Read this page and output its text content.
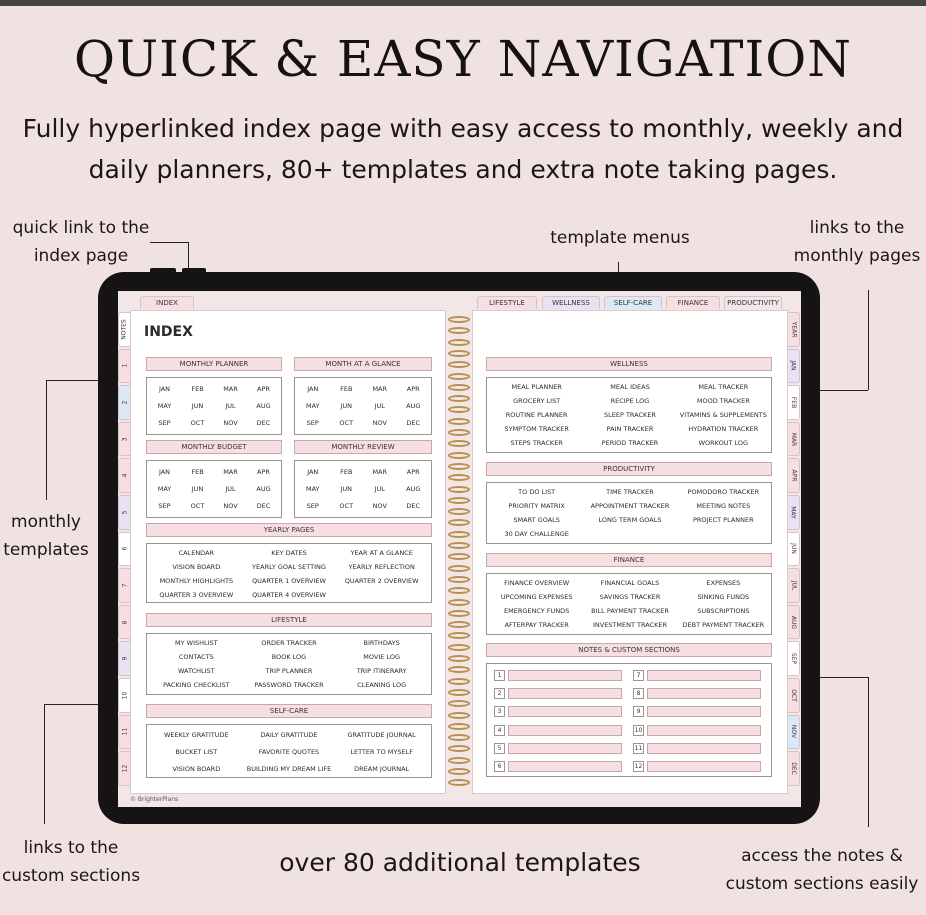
QUICK & EASY NAVIGATION
Fully hyperlinked index page with easy access to monthly, weekly and daily planners, 80+ templates and extra note taking pages.
quick link to the index page
template menus	links to the monthly pages
monthly templates
links to the custom sections
access the notes & custom sections easily
over 80 additional templates
© BrighterPlans
INDEX	LIFESTYLE	WELLNESS	SELF-CARE	FINANCE	PRODUCTIVITY
NOTES
1
2
3
4
5
6
7
8
9
10
11
12
YEAR
JAN
FEB
MAR
APR
MAY
JUN
JUL
AUG
SEP
OCT
NOV
DEC
INDEX
MONTHLY PLANNER	MONTH AT A GLANCE
JAN	FEB	MAR	APR
MAY	JUN	JUL	AUG
SEP	OCT	NOV	DEC
JAN	FEB	MAR	APR
MAY	JUN	JUL	AUG
SEP	OCT	NOV	DEC
MONTHLY BUDGET	MONTHLY REVIEW
JAN	FEB	MAR	APR
MAY	JUN	JUL	AUG
SEP	OCT	NOV	DEC
JAN	FEB	MAR	APR
MAY	JUN	JUL	AUG
SEP	OCT	NOV	DEC
YEARLY PAGES
CALENDAR	KEY DATES	YEAR AT A GLANCE
VISION BOARD	YEARLY GOAL SETTING	YEARLY REFLECTION
MONTHLY HIGHLIGHTS	QUARTER 1 OVERVIEW	QUARTER 2 OVERVIEW
QUARTER 3 OVERVIEW	QUARTER 4 OVERVIEW
LIFESTYLE
MY WISHLIST	ORDER TRACKER	BIRTHDAYS
CONTACTS	BOOK LOG	MOVIE LOG
WATCHLIST	TRIP PLANNER	TRIP ITINERARY
PACKING CHECKLIST	PASSWORD TRACKER	CLEANING LOG
SELF-CARE
WEEKLY GRATITUDE	DAILY GRATITUDE	GRATITUDE JOURNAL
BUCKET LIST	FAVORITE QUOTES	LETTER TO MYSELF
VISION BOARD	BUILDING MY DREAM LIFE	DREAM JOURNAL
WELLNESS
MEAL PLANNER	MEAL IDEAS	MEAL TRACKER
GROCERY LIST	RECIPE LOG	MOOD TRACKER
ROUTINE PLANNER	SLEEP TRACKER	VITAMINS & SUPPLEMENTS
SYMPTOM TRACKER	PAIN TRACKER	HYDRATION TRACKER
STEPS TRACKER	PERIOD TRACKER	WORKOUT LOG
PRODUCTIVITY
TO DO LIST	TIME TRACKER	POMODORO TRACKER
PRIORITY MATRIX	APPOINTMENT TRACKER	MEETING NOTES
SMART GOALS	LONG TERM GOALS	PROJECT PLANNER
30 DAY CHALLENGE
FINANCE
FINANCE OVERVIEW	FINANCIAL GOALS	EXPENSES
UPCOMING EXPENSES	SAVINGS TRACKER	SINKING FUNDS
EMERGENCY FUNDS	BILL PAYMENT TRACKER	SUBSCRIPTIONS
AFTERPAY TRACKER	INVESTMENT TRACKER	DEBT PAYMENT TRACKER
NOTES & CUSTOM SECTIONS
1	7
2	8
3	9
4	10
5	11
6	12
